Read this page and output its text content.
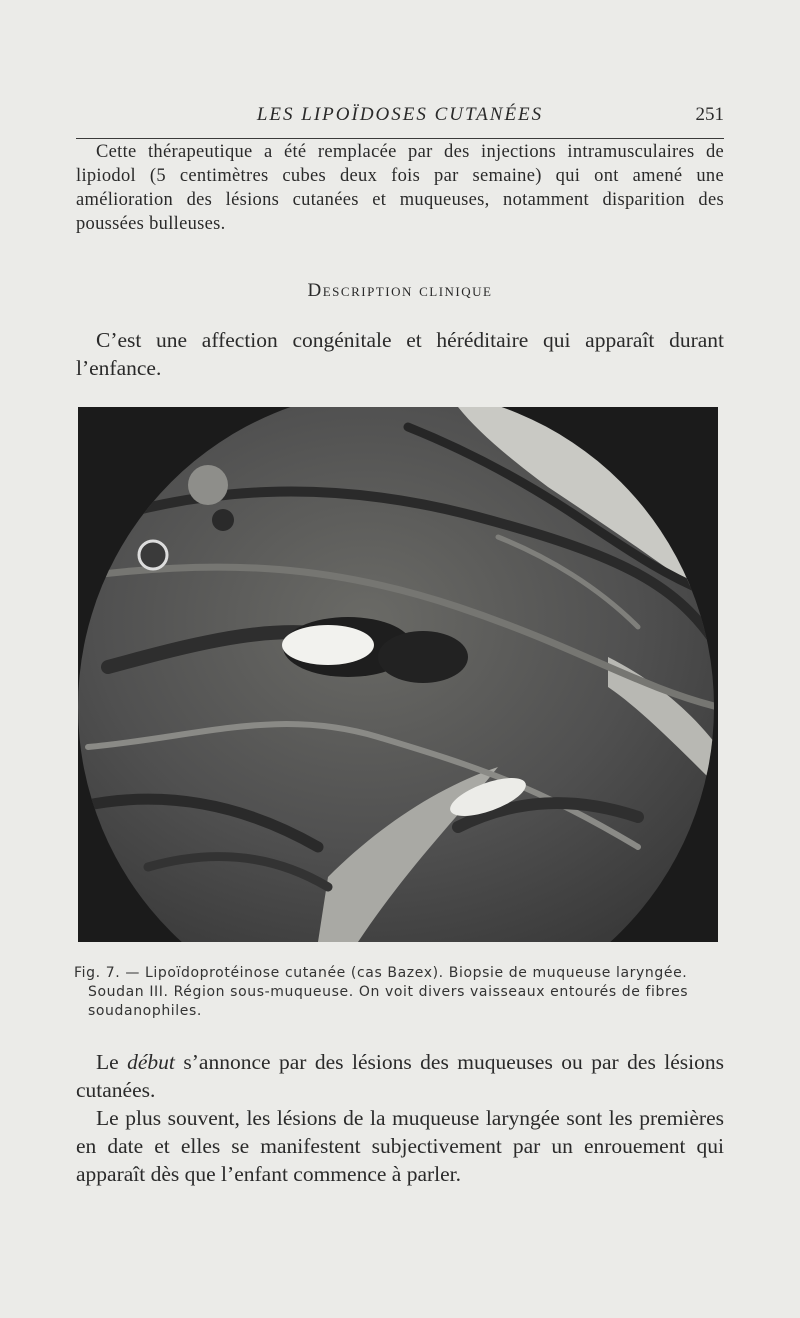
LES LIPOÏDOSES CUTANÉES	251

Cette thérapeutique a été remplacée par des injections intramusculaires de lipiodol (5 centimètres cubes deux fois par semaine) qui ont amené une amélioration des lésions cutanées et muqueuses, notamment disparition des poussées bulleuses.

Description clinique

C’est une affection congénitale et héréditaire qui apparaît durant l’enfance.

Fig. 7. — Lipoïdoprotéinose cutanée (cas Bazex). Biopsie de muqueuse laryngée.
Soudan III. Région sous-muqueuse. On voit divers vaisseaux entourés de fibres soudanophiles.

Le début s’annonce par des lésions des muqueuses ou par des lésions cutanées.

Le plus souvent, les lésions de la muqueuse laryngée sont les premières en date et elles se manifestent subjectivement par un enrouement qui apparaît dès que l’enfant commence à parler.
